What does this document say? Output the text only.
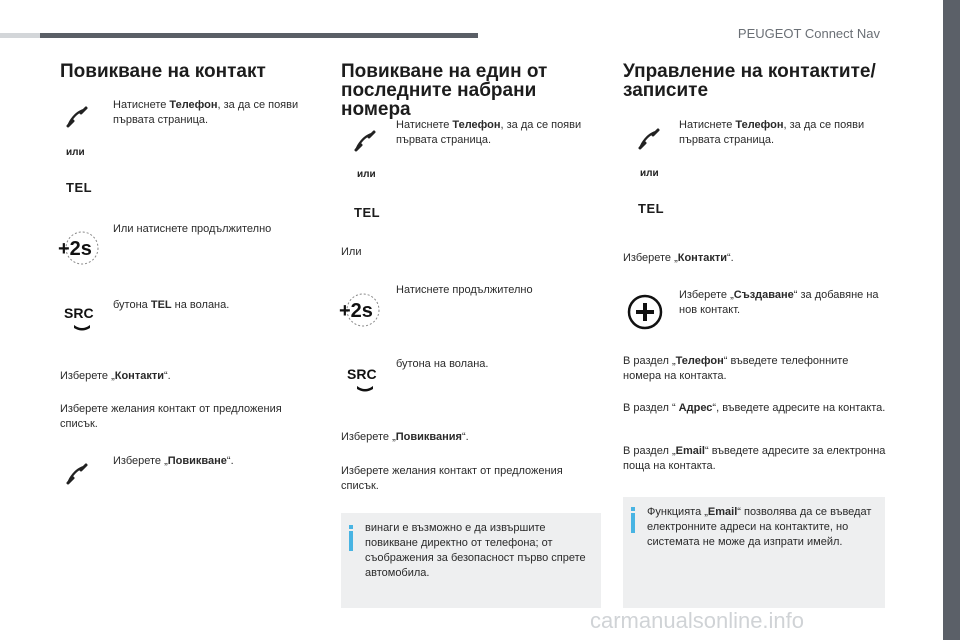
PEUGEOT Connect Nav
31
Повикване на контакт
Натиснете Телефон, за да се появи първата страница.
или
TEL
+2s
Или натиснете продължително
SRC бутона TEL на волана.
Изберете „Контакти“.
Изберете желания контакт от предложения списък.
Изберете „Повикване“.
Повикване на един от
последните набрани
номера
Натиснете Телефон, за да се появи първата страница.
или
TEL
Или
+2s
Натиснете продължително
SRC
бутона на волана.
Изберете „Повиквания“.
Изберете желания контакт от предложения списък.
винаги е възможно е да извършите повикване директно от телефона; от съображения за безопасност първо спрете автомобила.
Управление на контактите/
записите
Натиснете Телефон, за да се появи първата страница.
или
TEL
Изберете „Контакти“.
Изберете „Създаване“ за добавяне на нов контакт.
В раздел „Телефон“ въведете телефонните номера на контакта.
В раздел “ Адрес“, въведете адресите на контакта.
В раздел „Email“ въведете адресите за електронна поща на контакта.
Функцията „Email“ позволява да се въведат електронните адреси на контактите, но системата не може да изпрати имейл.
carmanualsonline.info
